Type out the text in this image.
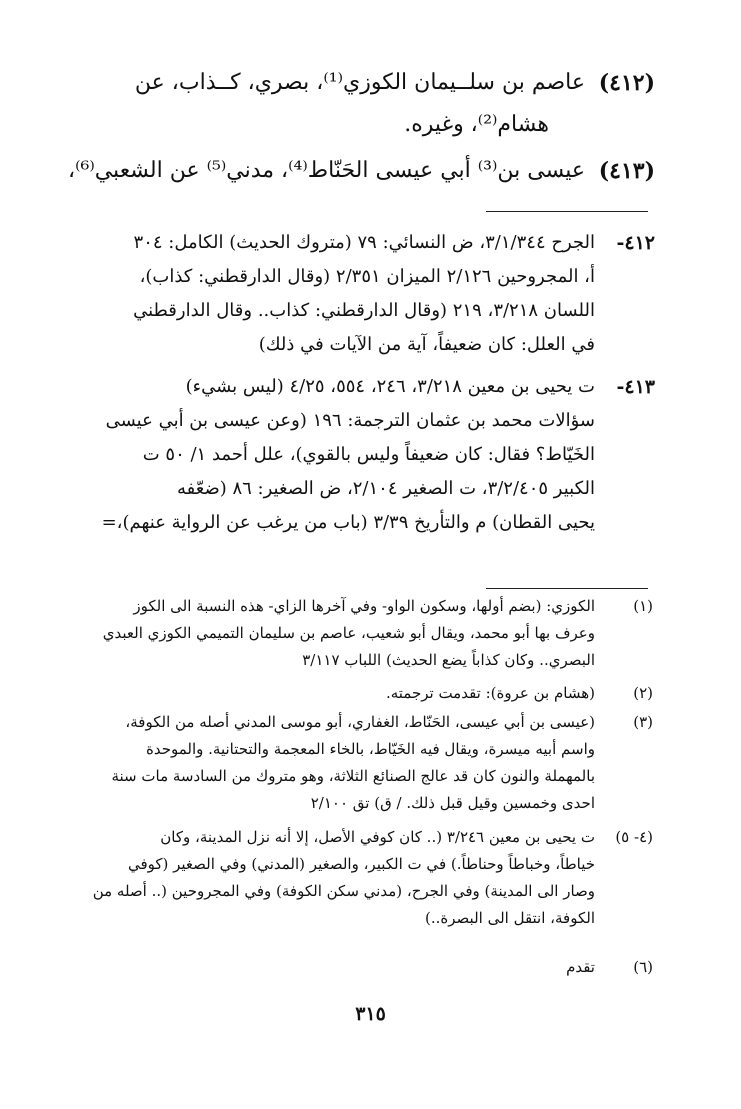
(٤١٢)
عاصم بن سلــيمان الكوزي⁽¹⁾، بصري، كــذاب، عن
هشام⁽²⁾، وغيره.
(٤١٣)
عيسى بن⁽³⁾ أبي عيسى الحَنّاط⁽⁴⁾، مدني⁽⁵⁾ عن الشعبي⁽⁶⁾،
٤١٢-
الجرح ٣/١/٣٤٤، ض النسائي: ٧٩ (متروك الحديث) الكامل: ٣٠٤
أ، المجروحين ٢/١٢٦ الميزان ٢/٣٥١ (وقال الدارقطني: كذاب)،
اللسان ٣/٢١٨، ٢١٩ (وقال الدارقطني: كذاب.. وقال الدارقطني
في العلل: كان ضعيفاً، آية من الآيات في ذلك)
٤١٣-
ت يحيى بن معين ٣/٢١٨، ٢٤٦، ٥٥٤، ٤/٢٥ (ليس بشيء)
سؤالات محمد بن عثمان الترجمة: ١٩٦ (وعن عيسى بن أبي عيسى
الخَيّاط؟ فقال: كان ضعيفاً وليس بالقوي)، علل أحمد ١/ ٥٠ ت
الكبير ٣/٢/٤٠٥، ت الصغير ٢/١٠٤، ض الصغير: ٨٦ (ضعّفه
يحيى القطان) م والتأريخ ٣/٣٩ (باب من يرغب عن الرواية عنهم)،=
(١)
الكوزي: (بضم أولها، وسكون الواو- وفي آخرها الزاي- هذه النسبة الى الكوز
وعرف بها أبو محمد، ويقال أبو شعيب، عاصم بن سليمان التميمي الكوزي العبدي
البصري.. وكان كذاباً يضع الحديث) اللباب ٣/١١٧
(٢)
(هشام بن عروة): تقدمت ترجمته.
(٣)
(عيسى بن أبي عيسى، الحَنّاط، الغفاري، أبو موسى المدني أصله من الكوفة،
واسم أبيه ميسرة، ويقال فيه الخَيّاط، بالخاء المعجمة والتحتانية. والموحدة
بالمهملة والنون كان قد عالج الصنائع الثلاثة، وهو متروك من السادسة مات سنة
احدى وخمسين وقيل قبل ذلك. / ق) تق ٢/١٠٠
(٤- ٥)
ت يحيى بن معين ٣/٢٤٦ (.. كان كوفي الأصل، إلا أنه نزل المدينة، وكان
خياطاً، وخباطاً وحناطاً.) في ت الكبير، والصغير (المدني) وفي الصغير (كوفي
وصار الى المدينة) وفي الجرح، (مدني سكن الكوفة) وفي المجروحين (.. أصله من
الكوفة، انتقل الى البصرة..)
(٦)
تقدم
٣١٥
